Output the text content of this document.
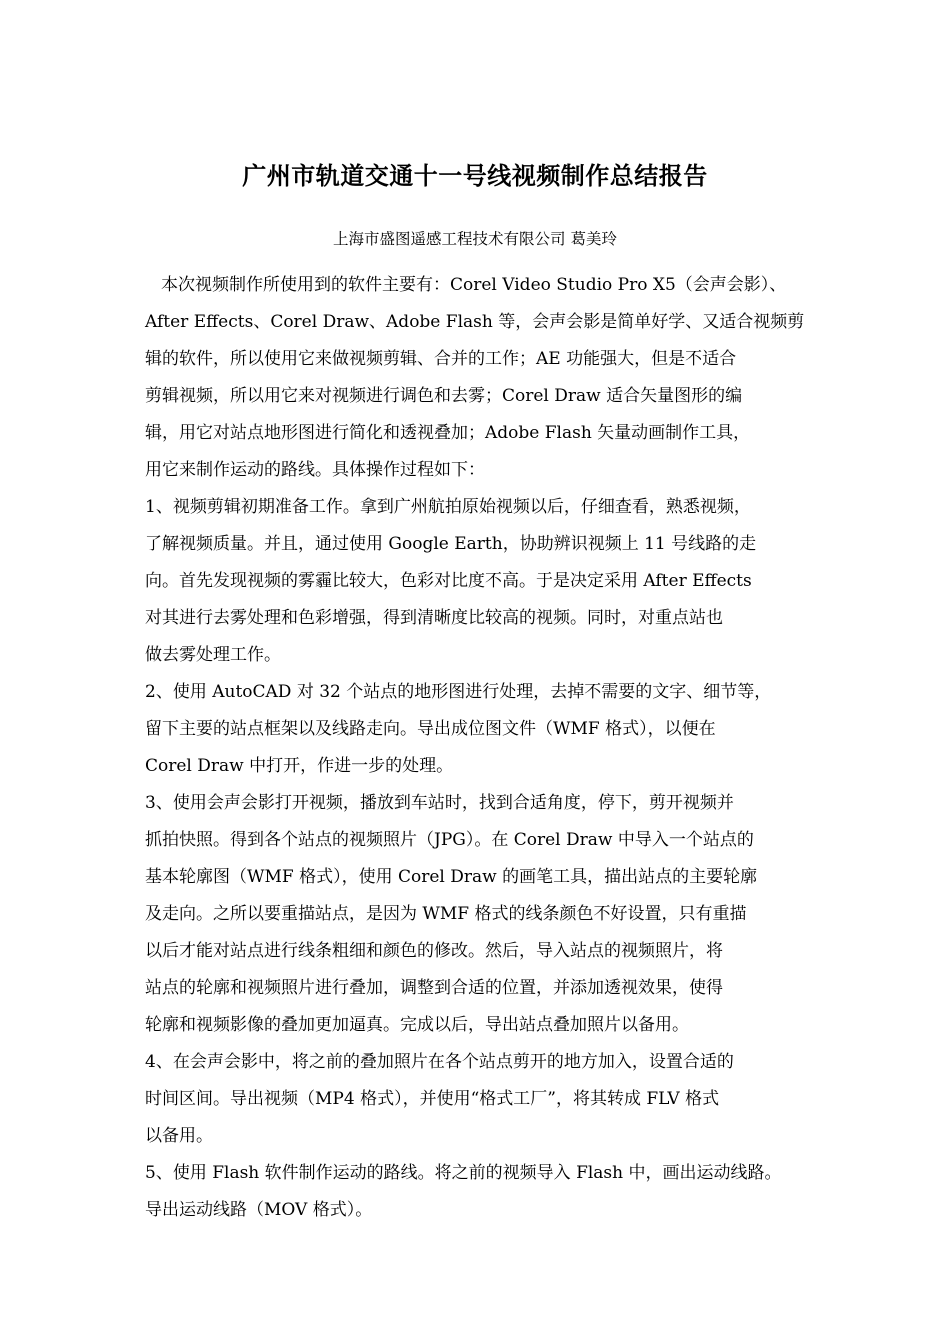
广州市轨道交通十一号线视频制作总结报告
上海市盛图遥感工程技术有限公司 葛美玲
本次视频制作所使用到的软件主要有：Corel Video Studio Pro X5（会声会影）、
After Effects、Corel Draw、Adobe Flash 等，会声会影是简单好学、又适合视频剪
辑的软件，所以使用它来做视频剪辑、合并的工作；AE 功能强大，但是不适合
剪辑视频，所以用它来对视频进行调色和去雾；Corel Draw 适合矢量图形的编
辑，用它对站点地形图进行简化和透视叠加；Adobe Flash 矢量动画制作工具，
用它来制作运动的路线。具体操作过程如下：
1、视频剪辑初期准备工作。拿到广州航拍原始视频以后，仔细查看，熟悉视频，
了解视频质量。并且，通过使用 Google Earth，协助辨识视频上 11 号线路的走
向。首先发现视频的雾霾比较大，色彩对比度不高。于是决定采用 After Effects
对其进行去雾处理和色彩增强，得到清晰度比较高的视频。同时，对重点站也
做去雾处理工作。
2、使用 AutoCAD 对 32 个站点的地形图进行处理，去掉不需要的文字、细节等，
留下主要的站点框架以及线路走向。导出成位图文件（WMF 格式），以便在
Corel Draw 中打开，作进一步的处理。
3、使用会声会影打开视频，播放到车站时，找到合适角度，停下，剪开视频并
抓拍快照。得到各个站点的视频照片（JPG）。在 Corel Draw 中导入一个站点的
基本轮廓图（WMF 格式），使用 Corel Draw 的画笔工具，描出站点的主要轮廓
及走向。之所以要重描站点，是因为 WMF 格式的线条颜色不好设置，只有重描
以后才能对站点进行线条粗细和颜色的修改。然后，导入站点的视频照片，将
站点的轮廓和视频照片进行叠加，调整到合适的位置，并添加透视效果，使得
轮廓和视频影像的叠加更加逼真。完成以后，导出站点叠加照片以备用。
4、在会声会影中，将之前的叠加照片在各个站点剪开的地方加入，设置合适的
时间区间。导出视频（MP4 格式），并使用“格式工厂”，将其转成 FLV 格式
以备用。
5、使用 Flash 软件制作运动的路线。将之前的视频导入 Flash 中，画出运动线路。
导出运动线路（MOV 格式）。
